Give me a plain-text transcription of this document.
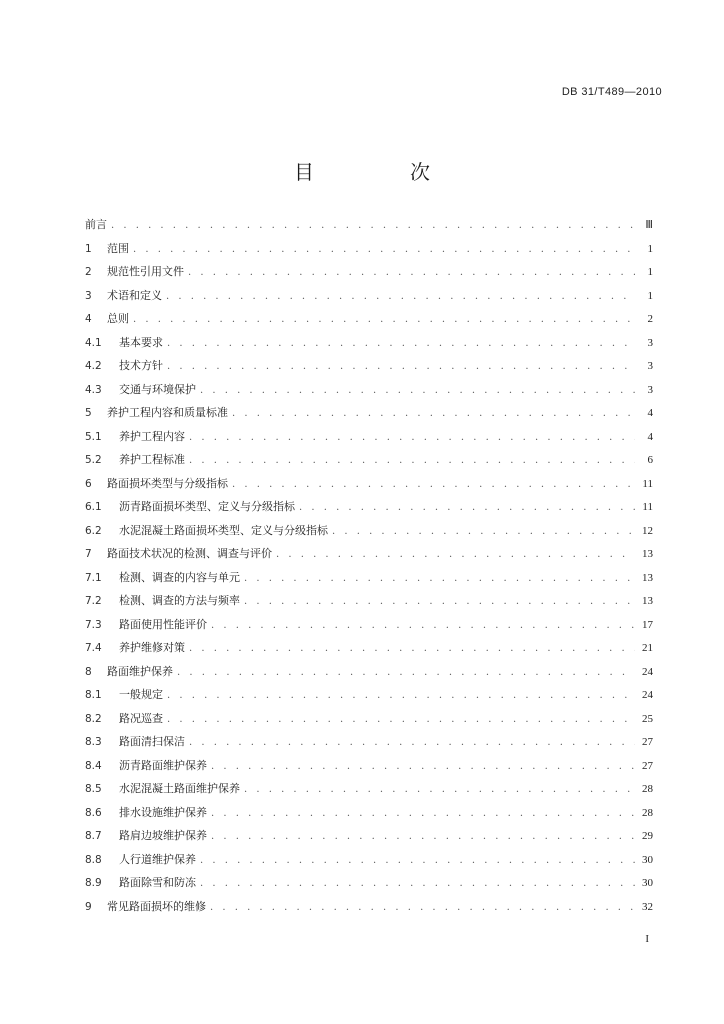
DB 31/T489—2010
目　次
前言 . . .	Ⅲ
1	范围 . . .	1
2	规范性引用文件 . . .	1
3	术语和定义 . . .	1
4	总则 . . .	2
4.1	基本要求 . . .	3
4.2	技术方针 . . .	3
4.3	交通与环境保护 . . .	3
5	养护工程内容和质量标准 . . .	4
5.1	养护工程内容 . . .	4
5.2	养护工程标准 . . .	6
6	路面损坏类型与分级指标 . . .	11
6.1	沥青路面损坏类型、定义与分级指标 . . .	11
6.2	水泥混凝土路面损坏类型、定义与分级指标 . . .	12
7	路面技术状况的检测、调查与评价 . . .	13
7.1	检测、调查的内容与单元 . . .	13
7.2	检测、调查的方法与频率 . . .	13
7.3	路面使用性能评价 . . .	17
7.4	养护维修对策 . . .	21
8	路面维护保养 . . .	24
8.1	一般规定 . . .	24
8.2	路况巡查 . . .	25
8.3	路面清扫保洁 . . .	27
8.4	沥青路面维护保养 . . .	27
8.5	水泥混凝土路面维护保养 . . .	28
8.6	排水设施维护保养 . . .	28
8.7	路肩边坡维护保养 . . .	29
8.8	人行道维护保养 . . .	30
8.9	路面除雪和防冻 . . .	30
9	常见路面损坏的维修 . . .	32
I
